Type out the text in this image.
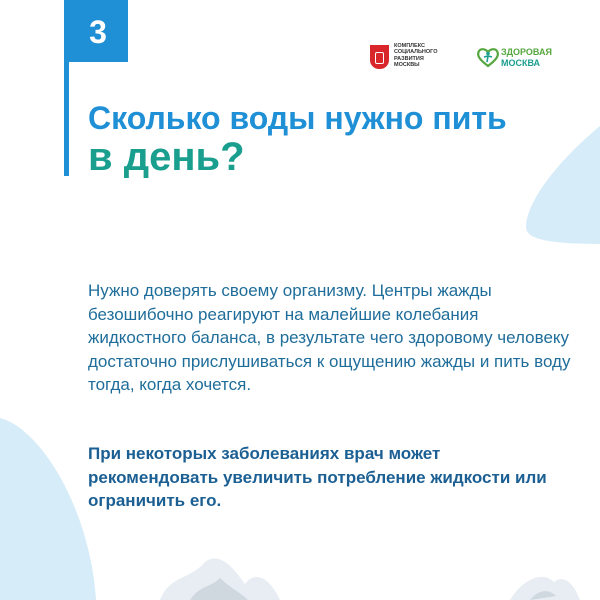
3	КОМПЛЕКС
СОЦИАЛЬНОГО
РАЗВИТИЯ
МОСКВЫ
ЗДОРОВАЯ
МОСКВА
Сколько воды нужно пить
в день?

Нужно доверять своему организму. Центры жажды безошибочно реагируют на малейшие колебания жидкостного баланса, в результате чего здоровому человеку достаточно прислушиваться к ощущению жажды и пить воду тогда, когда хочется.

При некоторых заболеваниях врач может рекомендовать увеличить потребление жидкости или ограничить его.
